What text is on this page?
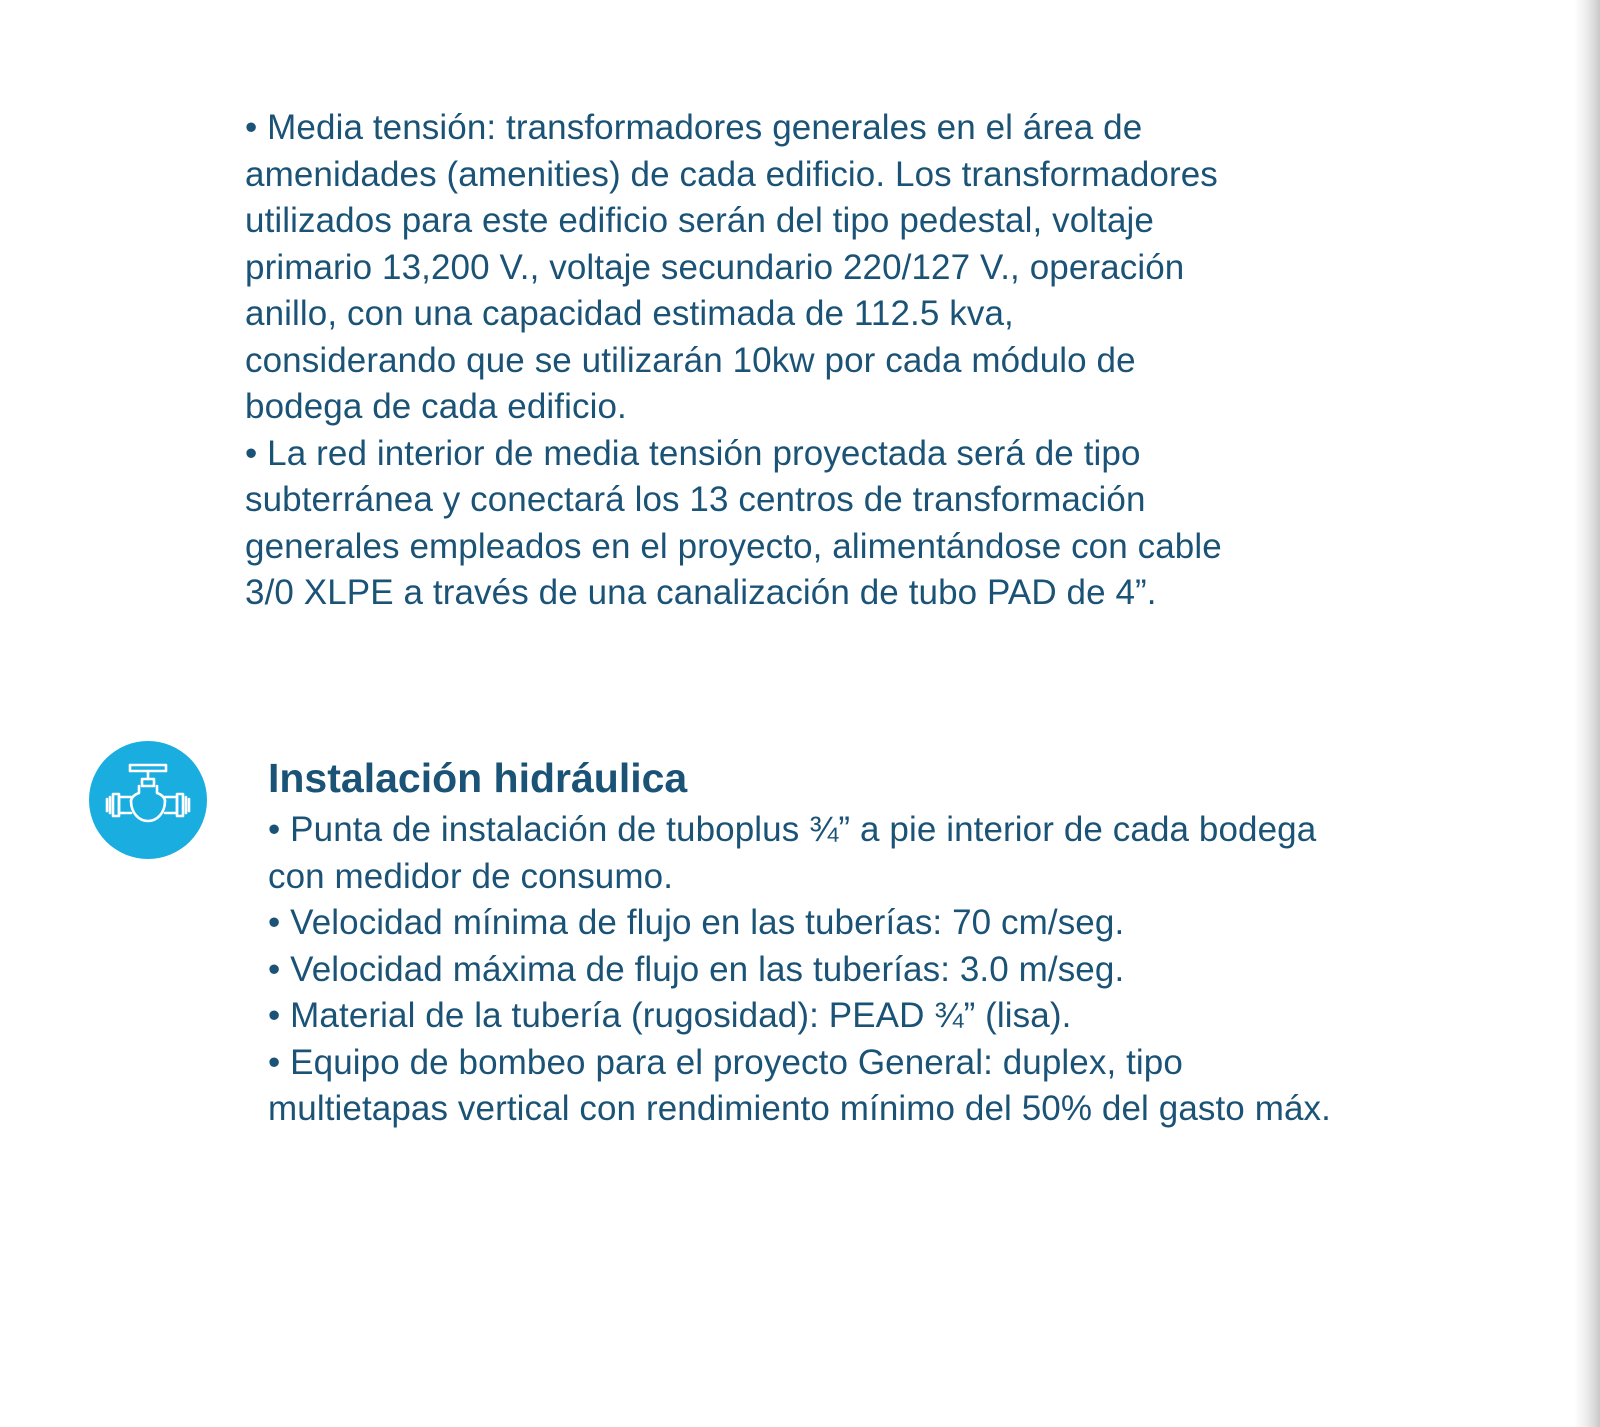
• Media tensión: transformadores generales en el área de
amenidades (amenities) de cada edificio. Los transformadores
utilizados para este edificio serán del tipo pedestal, voltaje
primario 13,200 V., voltaje secundario 220/127 V., operación
anillo, con una capacidad estimada de 112.5 kva,
considerando que se utilizarán 10kw por cada módulo de
bodega de cada edificio.
• La red interior de media tensión proyectada será de tipo
subterránea y conectará los 13 centros de transformación
generales empleados en el proyecto, alimentándose con cable
3/0 XLPE a través de una canalización de tubo PAD de 4”.
Instalación hidráulica
• Punta de instalación de tuboplus ¾” a pie interior de cada bodega
con medidor de consumo.
• Velocidad mínima de flujo en las tuberías: 70 cm/seg.
• Velocidad máxima de flujo en las tuberías: 3.0 m/seg.
• Material de la tubería (rugosidad): PEAD ¾” (lisa).
• Equipo de bombeo para el proyecto General: duplex, tipo
multietapas vertical con rendimiento mínimo del 50% del gasto máx.
